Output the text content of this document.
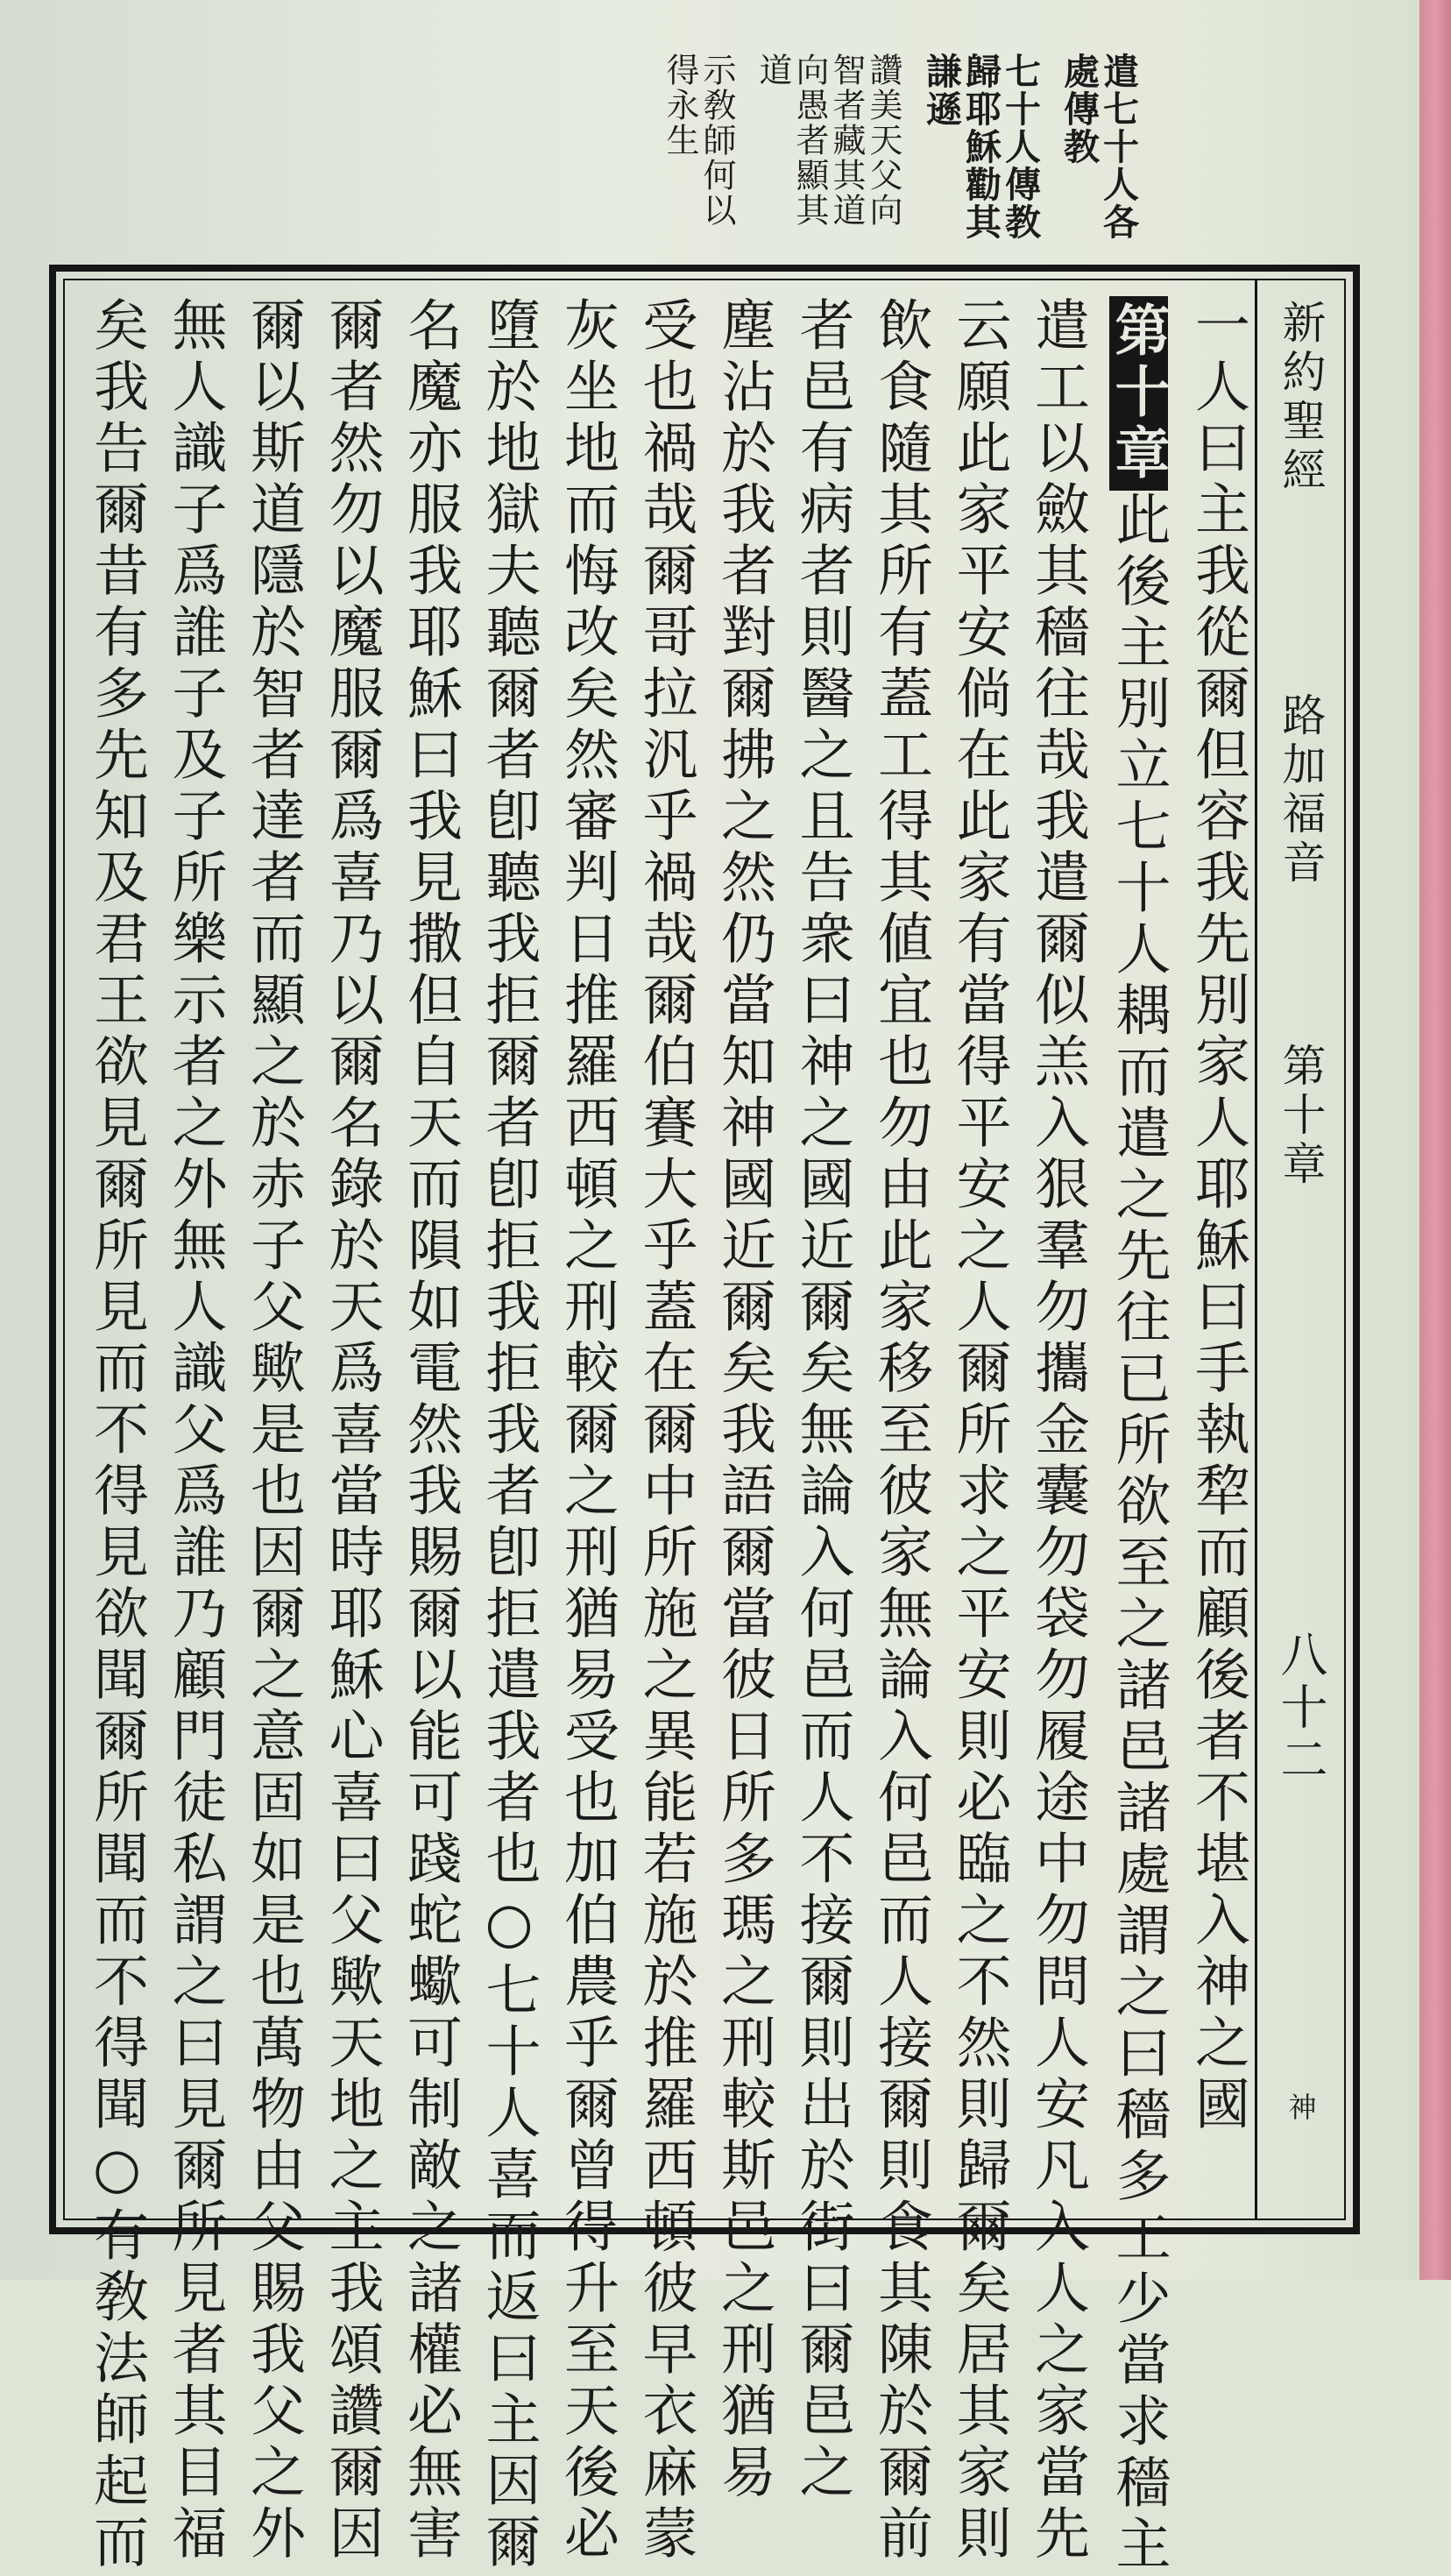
遣七十人各
處傳教
七十人傳教
歸耶穌勸其
謙遜
讚美天父向
智者藏其道
向愚者顯其
道
示敎師何以
得永生
新約聖經
路加福音
第十章
八十二
神
一人曰主我從爾但容我先別家人耶穌曰手執犂而顧後者不堪入神之國
第十章此後主別立七十人耦而遣之先往已所欲至之諸邑諸處謂之曰穡多工少當求穡主
遣工以斂其穡往哉我遣爾似羔入狠羣勿攜金囊勿袋勿履途中勿問人安凡入人之家當先
云願此家平安倘在此家有當得平安之人爾所求之平安則必臨之不然則歸爾矣居其家則
飲食隨其所有蓋工得其値宜也勿由此家移至彼家無論入何邑而人接爾則食其陳於爾前
者邑有病者則醫之且告衆曰神之國近爾矣無論入何邑而人不接爾則出於街曰爾邑之
塵沾於我者對爾拂之然仍當知神國近爾矣我語爾當彼日所多瑪之刑較斯邑之刑猶易
受也禍哉爾哥拉汎乎禍哉爾伯賽大乎蓋在爾中所施之異能若施於推羅西頓彼早衣麻蒙
灰坐地而悔改矣然審判日推羅西頓之刑較爾之刑猶易受也加伯農乎爾曾得升至天後必
墮於地獄夫聽爾者卽聽我拒爾者卽拒我拒我者卽拒遣我者也○七十人喜而返曰主因爾
名魔亦服我耶穌曰我見撒但自天而隕如電然我賜爾以能可踐蛇蠍可制敵之諸權必無害
爾者然勿以魔服爾爲喜乃以爾名錄於天爲喜當時耶穌心喜曰父歟天地之主我頌讚爾因
爾以斯道隱於智者達者而顯之於赤子父歟是也因爾之意固如是也萬物由父賜我父之外
無人識子爲誰子及子所樂示者之外無人識父爲誰乃顧門徒私謂之曰見爾所見者其目福
矣我告爾昔有多先知及君王欲見爾所見而不得見欲聞爾所聞而不得聞○有敎法師起而
